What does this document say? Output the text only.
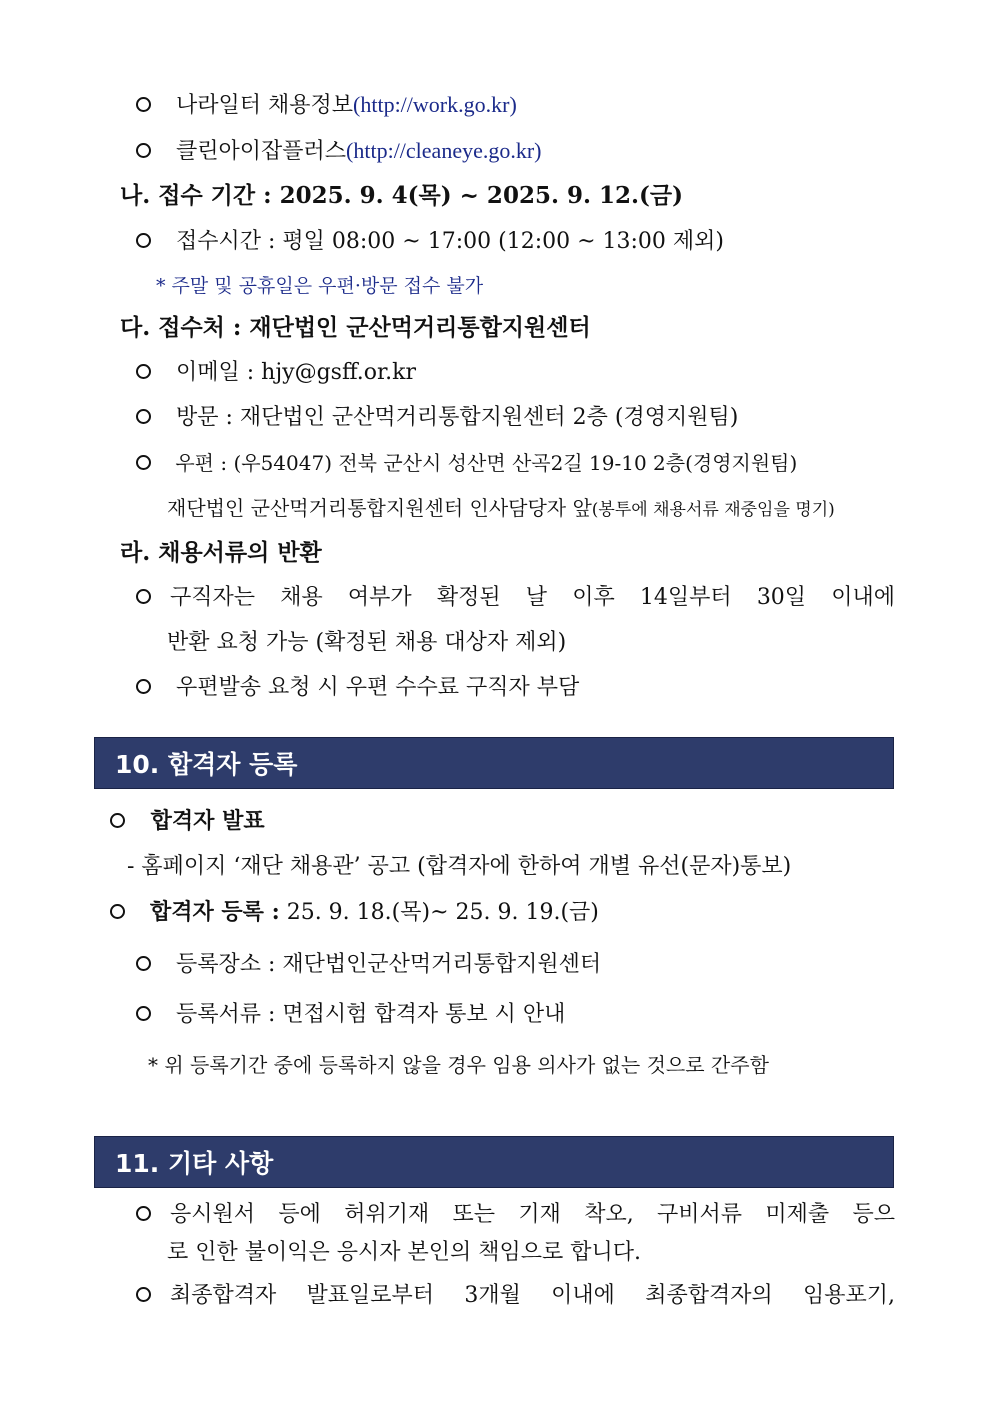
나라일터 채용정보(http://work.go.kr)
클린아이잡플러스(http://cleaneye.go.kr)
나. 접수 기간 : 2025. 9. 4(목) ~ 2025. 9. 12.(금)
접수시간 : 평일 08:00 ~ 17:00 (12:00 ~ 13:00 제외)
* 주말 및 공휴일은 우편·방문 접수 불가
다. 접수처 : 재단법인 군산먹거리통합지원센터
이메일 : hjy@gsff.or.kr
방문 : 재단법인 군산먹거리통합지원센터 2층 (경영지원팀)
우편 : (우54047) 전북 군산시 성산면 산곡2길 19-10 2층(경영지원팀)
재단법인 군산먹거리통합지원센터 인사담당자 앞(봉투에 채용서류 재중임을 명기)
라. 채용서류의 반환
구직자는 채용 여부가 확정된 날 이후 14일부터 30일 이내에
반환 요청 가능 (확정된 채용 대상자 제외)
우편발송 요청 시 우편 수수료 구직자 부담
10. 합격자 등록
합격자 발표
- 홈페이지 ‘재단 채용관’ 공고 (합격자에 한하여 개별 유선(문자)통보)
합격자 등록 : 25. 9. 18.(목)~ 25. 9. 19.(금)
등록장소 : 재단법인군산먹거리통합지원센터
등록서류 : 면접시험 합격자 통보 시 안내
* 위 등록기간 중에 등록하지 않을 경우 임용 의사가 없는 것으로 간주함
11. 기타 사항
응시원서 등에 허위기재 또는 기재 착오, 구비서류 미제출 등으
로 인한 불이익은 응시자 본인의 책임으로 합니다.
최종합격자 발표일로부터 3개월 이내에 최종합격자의 임용포기,
